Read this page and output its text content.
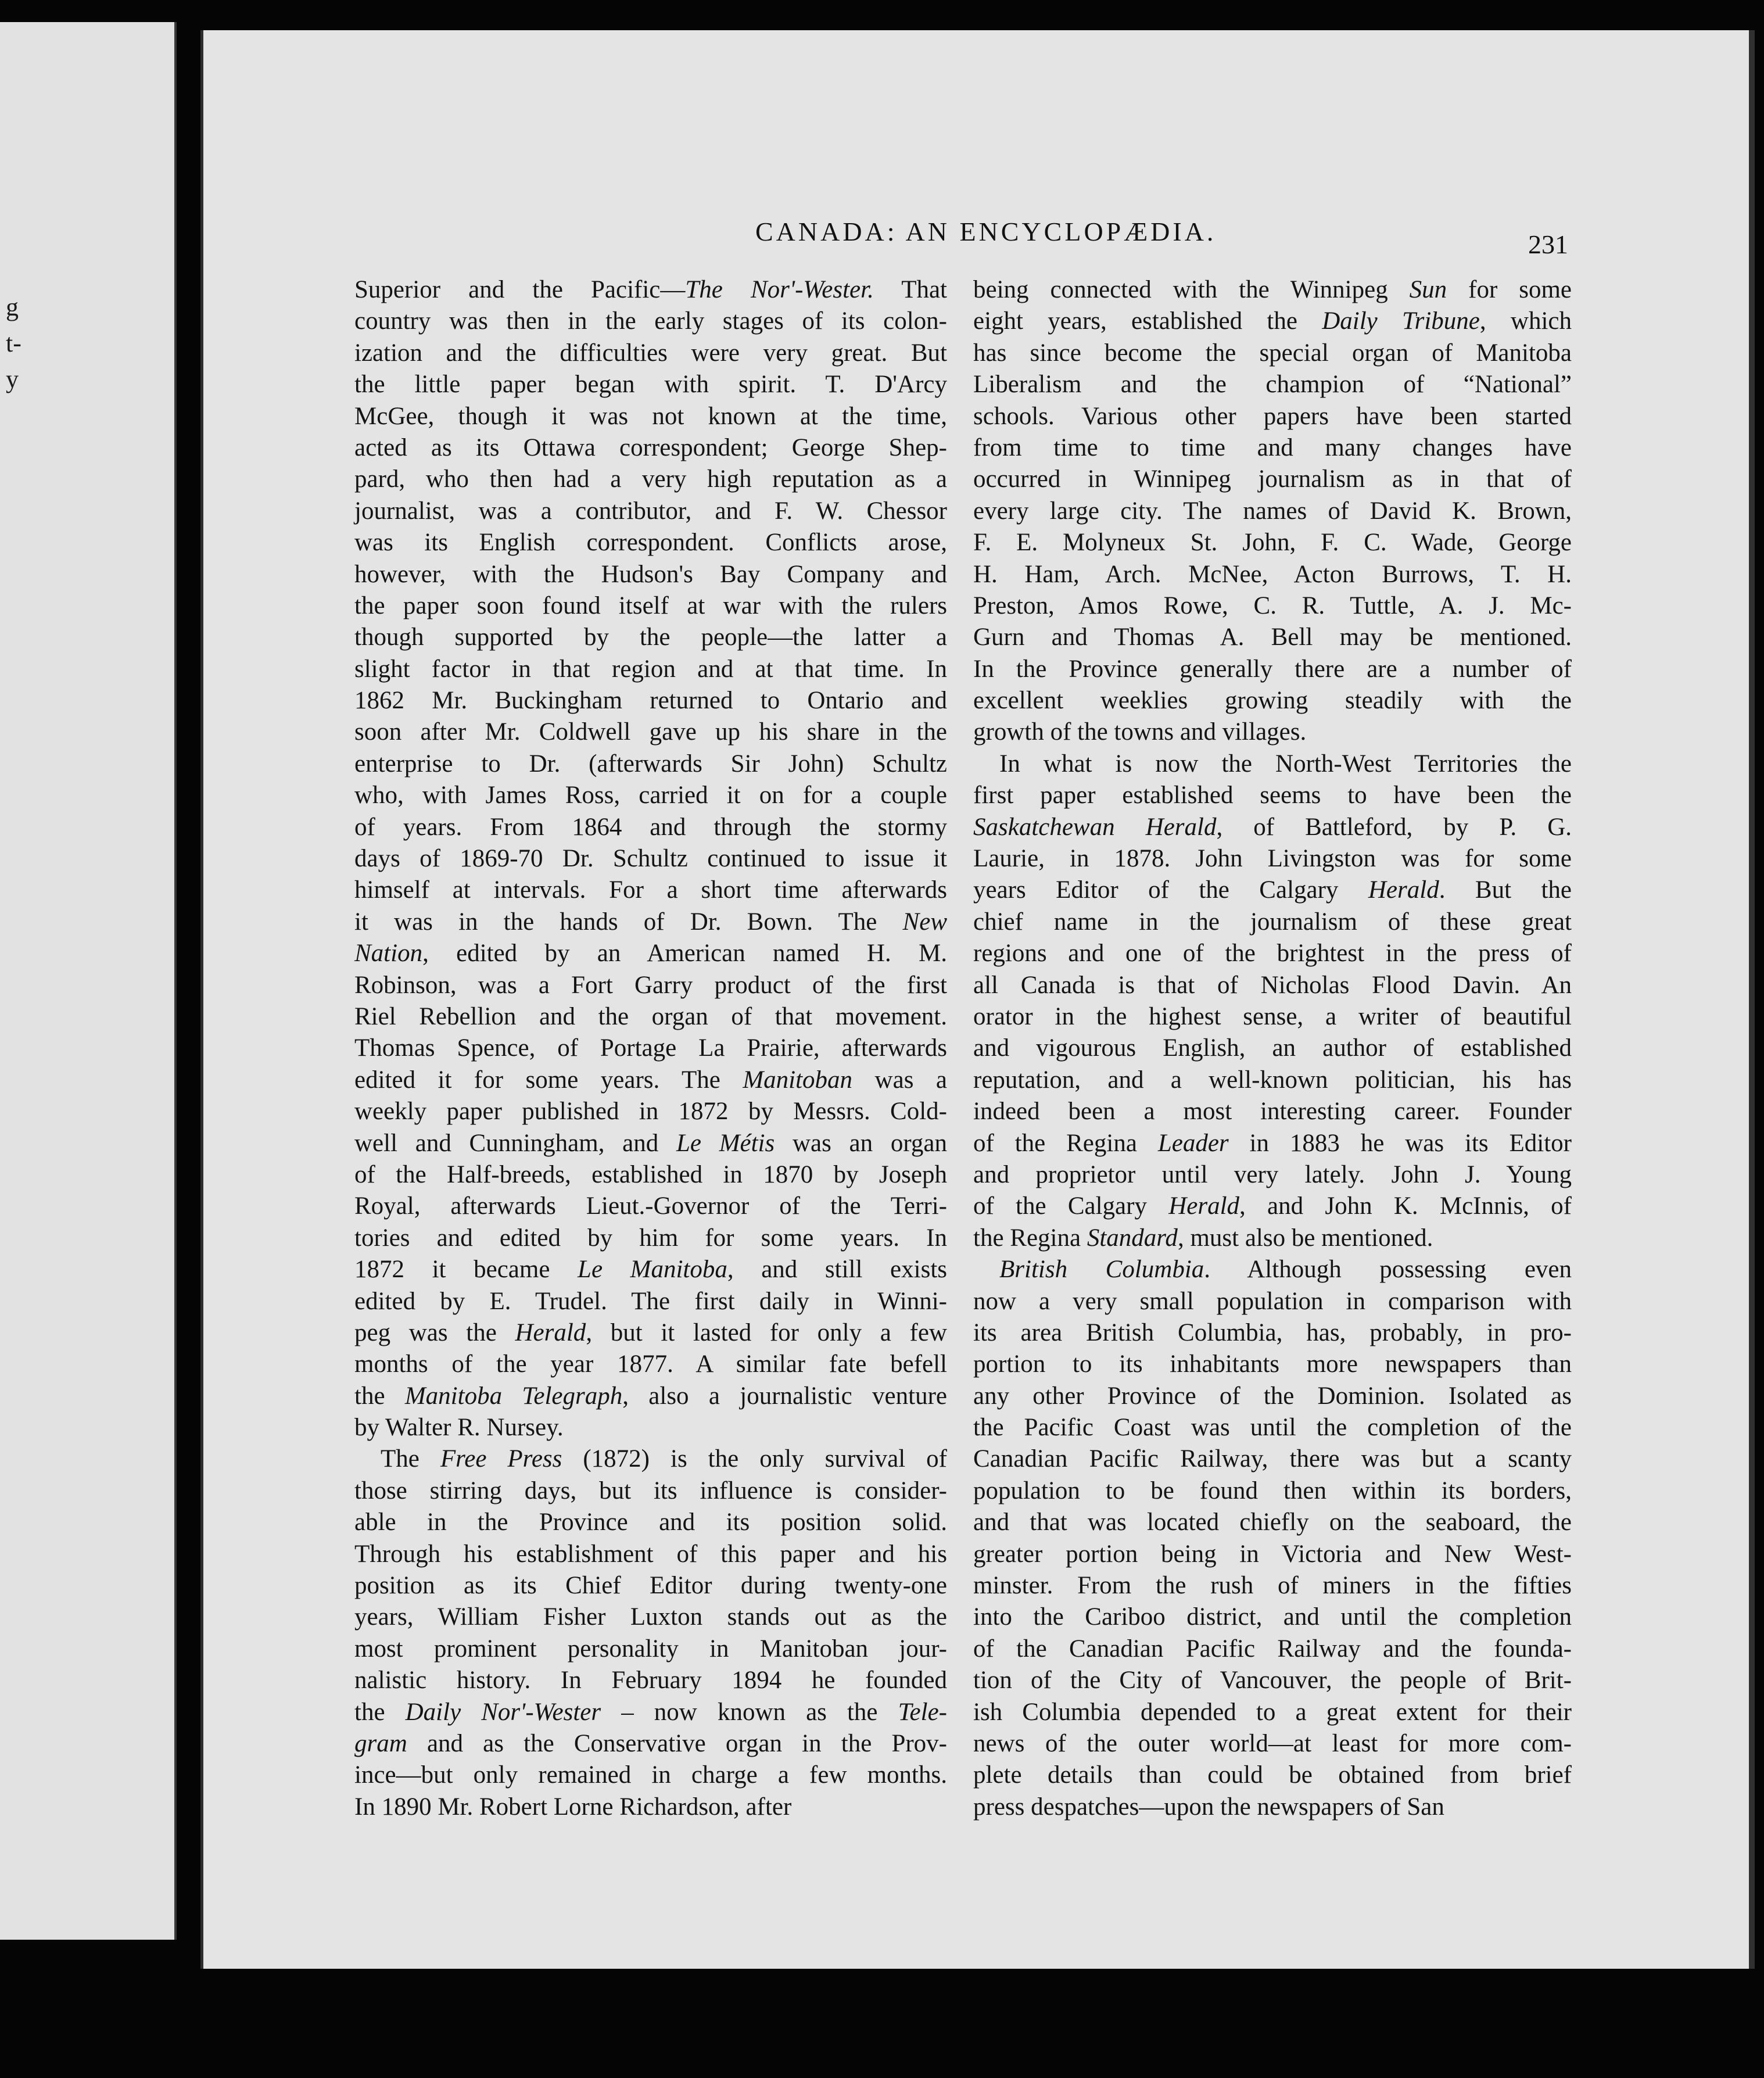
g
t-
y
CANADA: AN ENCYCLOPÆDIA.	231
Superior and the Pacific—The Nor'-Wester. That
country was then in the early stages of its colon-
ization and the difficulties were very great. But
the little paper began with spirit. T. D'Arcy
McGee, though it was not known at the time,
acted as its Ottawa correspondent; George Shep-
pard, who then had a very high reputation as a
journalist, was a contributor, and F. W. Chessor
was its English correspondent. Conflicts arose,
however, with the Hudson's Bay Company and
the paper soon found itself at war with the rulers
though supported by the people—the latter a
slight factor in that region and at that time. In
1862 Mr. Buckingham returned to Ontario and
soon after Mr. Coldwell gave up his share in the
enterprise to Dr. (afterwards Sir John) Schultz
who, with James Ross, carried it on for a couple
of years. From 1864 and through the stormy
days of 1869-70 Dr. Schultz continued to issue it
himself at intervals. For a short time afterwards
it was in the hands of Dr. Bown. The New
Nation, edited by an American named H. M.
Robinson, was a Fort Garry product of the first
Riel Rebellion and the organ of that movement.
Thomas Spence, of Portage La Prairie, afterwards
edited it for some years. The Manitoban was a
weekly paper published in 1872 by Messrs. Cold-
well and Cunningham, and Le Métis was an organ
of the Half-breeds, established in 1870 by Joseph
Royal, afterwards Lieut.-Governor of the Terri-
tories and edited by him for some years. In
1872 it became Le Manitoba, and still exists
edited by E. Trudel. The first daily in Winni-
peg was the Herald, but it lasted for only a few
months of the year 1877. A similar fate befell
the Manitoba Telegraph, also a journalistic venture
by Walter R. Nursey.
The Free Press (1872) is the only survival of
those stirring days, but its influence is consider-
able in the Province and its position solid.
Through his establishment of this paper and his
position as its Chief Editor during twenty-one
years, William Fisher Luxton stands out as the
most prominent personality in Manitoban jour-
nalistic history. In February 1894 he founded
the Daily Nor'-Wester – now known as the Tele-
gram and as the Conservative organ in the Prov-
ince—but only remained in charge a few months.
In 1890 Mr. Robert Lorne Richardson, after
being connected with the Winnipeg Sun for some
eight years, established the Daily Tribune, which
has since become the special organ of Manitoba
Liberalism and the champion of “National”
schools. Various other papers have been started
from time to time and many changes have
occurred in Winnipeg journalism as in that of
every large city. The names of David K. Brown,
F. E. Molyneux St. John, F. C. Wade, George
H. Ham, Arch. McNee, Acton Burrows, T. H.
Preston, Amos Rowe, C. R. Tuttle, A. J. Mc-
Gurn and Thomas A. Bell may be mentioned.
In the Province generally there are a number of
excellent weeklies growing steadily with the
growth of the towns and villages.
In what is now the North-West Territories the
first paper established seems to have been the
Saskatchewan Herald, of Battleford, by P. G.
Laurie, in 1878. John Livingston was for some
years Editor of the Calgary Herald. But the
chief name in the journalism of these great
regions and one of the brightest in the press of
all Canada is that of Nicholas Flood Davin. An
orator in the highest sense, a writer of beautiful
and vigourous English, an author of established
reputation, and a well-known politician, his has
indeed been a most interesting career. Founder
of the Regina Leader in 1883 he was its Editor
and proprietor until very lately. John J. Young
of the Calgary Herald, and John K. McInnis, of
the Regina Standard, must also be mentioned.
British Columbia. Although possessing even
now a very small population in comparison with
its area British Columbia, has, probably, in pro-
portion to its inhabitants more newspapers than
any other Province of the Dominion. Isolated as
the Pacific Coast was until the completion of the
Canadian Pacific Railway, there was but a scanty
population to be found then within its borders,
and that was located chiefly on the seaboard, the
greater portion being in Victoria and New West-
minster. From the rush of miners in the fifties
into the Cariboo district, and until the completion
of the Canadian Pacific Railway and the founda-
tion of the City of Vancouver, the people of Brit-
ish Columbia depended to a great extent for their
news of the outer world—at least for more com-
plete details than could be obtained from brief
press despatches—upon the newspapers of San
